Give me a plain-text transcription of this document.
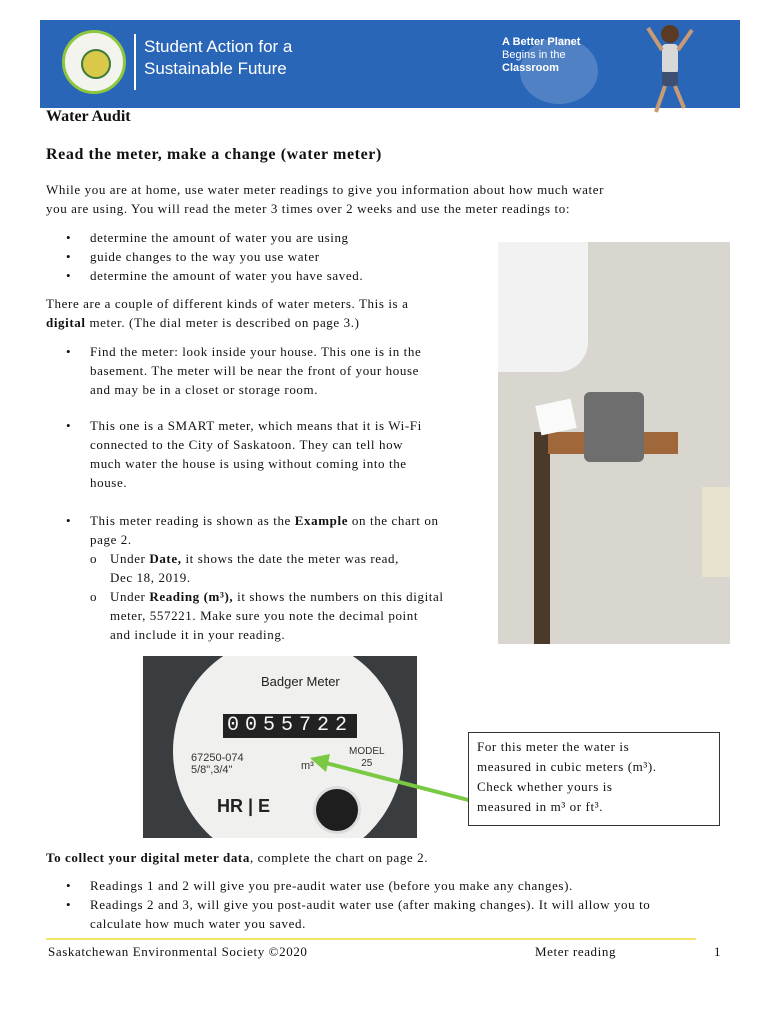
Student Action for a
Sustainable Future
A Better Planet
Begins in the
Classroom
Water Audit
Read the meter, make a change (water meter)

While you are at home, use water meter readings to give you information about how much water

you are using. You will read the meter 3 times over 2 weeks and use the meter readings to:

• determine the amount of water you are using
• guide changes to the way you use water
• determine the amount of water you have saved.

There are a couple of different kinds of water meters. This is a

digital meter. (The dial meter is described on page 3.)

• Find the meter: look inside your house. This one is in the

basement. The meter will be near the front of your house

and may be in a closet or storage room.

• This one is a SMART meter, which means that it is Wi-Fi

connected to the City of Saskatoon. They can tell how

much water the house is using without coming into the

house.

• This meter reading is shown as the Example on the chart on

page 2.

o Under Date, it shows the date the meter was read,

Dec 18, 2019.

o Under Reading (m³), it shows the numbers on this digital

meter, 557221. Make sure you note the decimal point

and include it in your reading.

Badger Meter
0055722
67250-074
5/8",3/4"
MODEL
25
m³
HR | E

For this meter the water is

measured in cubic meters (m³).

Check whether yours is

measured in m³ or ft³.

To collect your digital meter data, complete the chart on page 2.

• Readings 1 and 2 will give you pre-audit water use (before you make any changes).

• Readings 2 and 3, will give you post-audit water use (after making changes). It will allow you to

calculate how much water you saved.

Saskatchewan Environmental Society ©2020	Meter reading	1
